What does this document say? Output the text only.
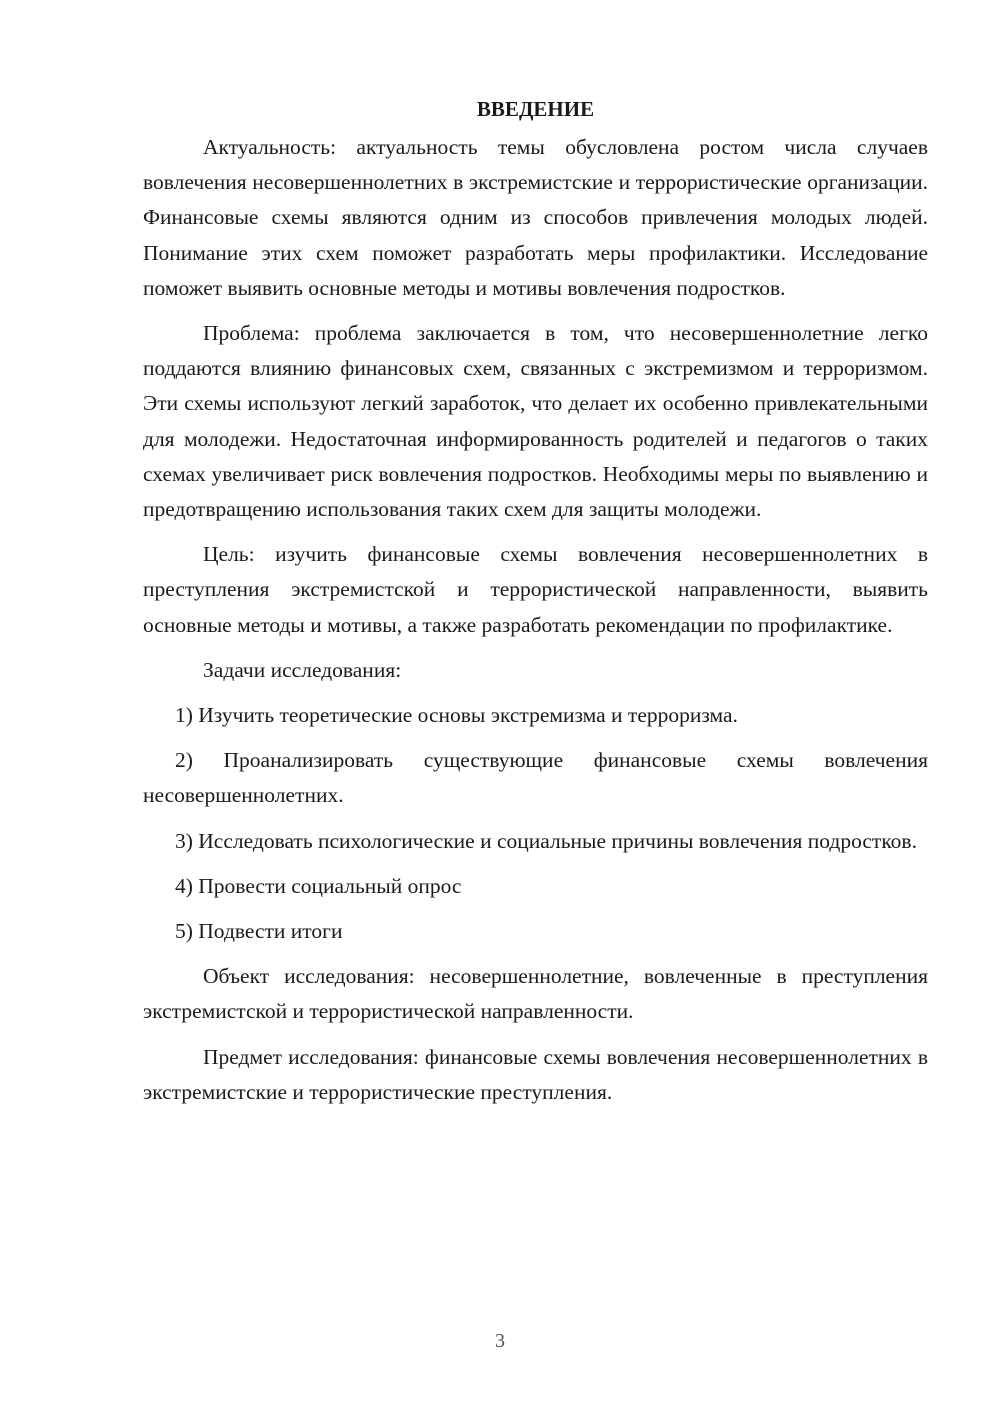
ВВЕДЕНИЕ

Актуальность: актуальность темы обусловлена ростом числа случаев вовлечения несовершеннолетних в экстремистские и террористические организации. Финансовые схемы являются одним из способов привлечения молодых людей. Понимание этих схем поможет разработать меры профилактики. Исследование поможет выявить основные методы и мотивы вовлечения подростков.

Проблема: проблема заключается в том, что несовершеннолетние легко поддаются влиянию финансовых схем, связанных с экстремизмом и терроризмом. Эти схемы используют легкий заработок, что делает их особенно привлекательными для молодежи. Недостаточная информированность родителей и педагогов о таких схемах увеличивает риск вовлечения подростков. Необходимы меры по выявлению и предотвращению использования таких схем для защиты молодежи.

Цель: изучить финансовые схемы вовлечения несовершеннолетних в преступления экстремистской и террористической направленности, выявить основные методы и мотивы, а также разработать рекомендации по профилактике.

Задачи исследования:

1) Изучить теоретические основы экстремизма и терроризма.

2) Проанализировать существующие финансовые схемы вовлечения несовершеннолетних.

3) Исследовать психологические и социальные причины вовлечения подростков.

4) Провести социальный опрос

5) Подвести итоги

Объект исследования: несовершеннолетние, вовлеченные в преступления экстремистской и террористической направленности.

Предмет исследования: финансовые схемы вовлечения несовершеннолетних в экстремистские и террористические преступления.

3
